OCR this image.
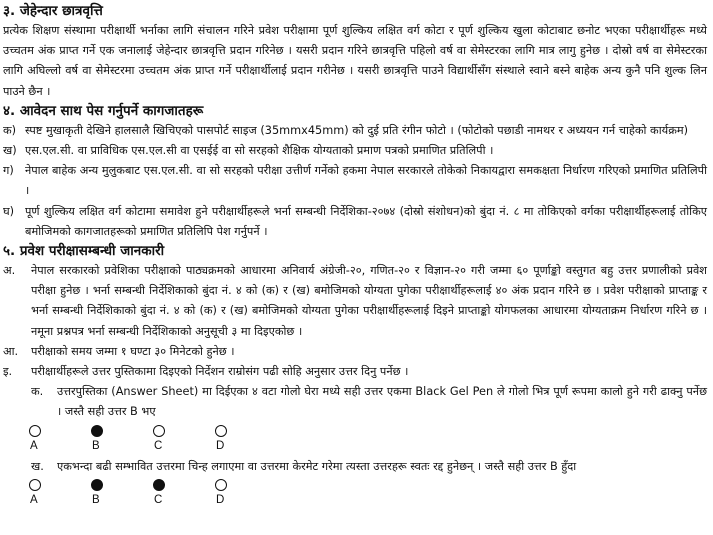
३. जेहेन्दार छात्रवृत्ति

प्रत्येक शिक्षण संस्थामा परीक्षार्थी भर्नाका लागि संचालन गरिने प्रवेश परीक्षामा पूर्ण शुल्किय लक्षित वर्ग कोटा र पूर्ण शुल्किय खुला कोटाबाट छनोट भएका परीक्षार्थीहरू मध्ये उच्चतम अंक प्राप्त गर्ने एक जनालाई जेहेन्दार छात्रवृत्ति प्रदान गरिनेछ । यसरी प्रदान गरिने छात्रवृत्ति पहिलो वर्ष वा सेमेस्टरका लागि मात्र लागु हुनेछ । दोस्रो वर्ष वा सेमेस्टरका लागि अघिल्लो वर्ष वा सेमेस्टरमा उच्चतम अंक प्राप्त गर्ने परीक्षार्थीलाई प्रदान गरीनेछ । यसरी छात्रवृत्ति पाउने विद्यार्थीसँग संस्थाले स्वाने बस्ने बाहेक अन्य कुनै पनि शुल्क लिन पाउने छैन ।

४. आवेदन साथ पेस गर्नुपर्ने कागजातहरू

क) स्पष्ट मुखाकृती देखिने हालसालै खिचिएको पासपोर्ट साइज (35mmx45mm) को दुई प्रति रंगीन फोटो । (फोटोको पछाडी नामथर र अध्ययन गर्न चाहेको कार्यक्रम)
ख) एस.एल.सी. वा प्राविधिक एस.एल.सी वा एसईई वा सो सरहको शैक्षिक योग्यताको प्रमाण पत्रको प्रमाणित प्रतिलिपी ।
ग) नेपाल बाहेक अन्य मुलुकबाट एस.एल.सी. वा सो सरहको परीक्षा उत्तीर्ण गर्नेको हकमा नेपाल सरकारले तोकेको निकायद्वारा समकक्षता निर्धारण गरिएको प्रमाणित प्रतिलिपी ।
घ) पूर्ण शुल्किय लक्षित वर्ग कोटामा समावेश हुने परीक्षार्थीहरूले भर्ना सम्बन्धी निर्देशिका-२०७४ (दोस्रो संशोधन)को बुंदा नं. ८ मा तोकिएको वर्गका परीक्षार्थीहरूलाई तोकिए बमोजिमको कागजातहरूको प्रमाणित प्रतिलिपि पेश गर्नुपर्ने ।

५. प्रवेश परीक्षासम्बन्धी जानकारी

अ.	नेपाल सरकारको प्रवेशिका परीक्षाको पाठ्यक्रमको आधारमा अनिवार्य अंग्रेजी-२०, गणित-२० र विज्ञान-२० गरी जम्मा ६० पूर्णाङ्को वस्तुगत बहु उत्तर प्रणालीको प्रवेश परीक्षा हुनेछ । भर्ना सम्बन्धी निर्देशिकाको बुंदा नं. ४ को (क) र (ख) बमोजिमको योग्यता पुगेका परीक्षार्थीहरूलाई ४० अंक प्रदान गरिने छ । प्रवेश परीक्षाको प्राप्ताङ्क र भर्ना सम्बन्धी निर्देशिकाको बुंदा नं. ४ को (क) र (ख) बमोजिमको योग्यता पुगेका परीक्षार्थीहरूलाई दिइने प्राप्ताङ्को योगफलका आधारमा योग्यताक्रम निर्धारण गरिने छ । नमूना प्रश्नपत्र भर्ना सम्बन्धी निर्देशिकाको अनुसूची ३ मा दिइएकोछ ।
आ.	परीक्षाको समय जम्मा १ घण्टा ३० मिनेटको हुनेछ ।
इ.	परीक्षार्थीहरूले उत्तर पुस्तिकामा दिइएको निर्देशन राम्रोसंग पढी सोहि अनुसार उत्तर दिनु पर्नेछ ।
क.	उत्तरपुस्तिका (Answer Sheet) मा दिईएका ४ वटा गोलो घेरा मध्ये सही उत्तर एकमा Black Gel Pen ले गोलो भित्र पूर्ण रूपमा कालो हुने गरी ढाक्नु पर्नेछ । जस्तै सही उत्तर B भए
A	B	C	D
ख.	एकभन्दा बढी सम्भावित उत्तरमा चिन्ह लगाएमा वा उत्तरमा केरमेट गरेमा त्यस्ता उत्तरहरू स्वतः रद्द हुनेछन् । जस्तै सही उत्तर B हुँदा
A	B	C	D
